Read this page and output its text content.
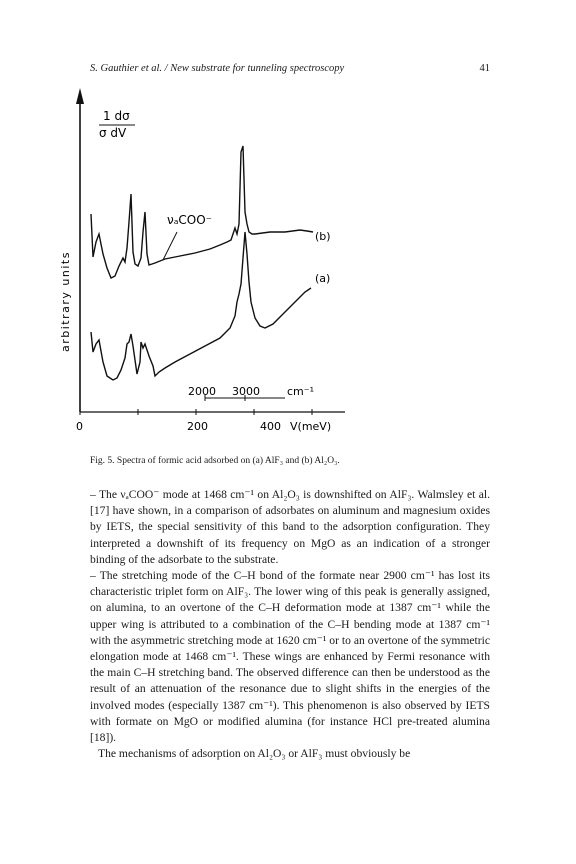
S. Gauthier et al. / New substrate for tunneling spectroscopy	41
1 dσ
σ dV
arbitrary units
νₐCOO⁻
(b)
(a)
2000 3000 cm⁻¹
0	200	400 V(meV)
Fig. 5. Spectra of formic acid adsorbed on (a) AlF₃ and (b) Al₂O₃.

– The νₐCOO⁻ mode at 1468 cm⁻¹ on Al₂O₃ is downshifted on AlF₃. Walmsley et al. [17] have shown, in a comparison of adsorbates on aluminum and magnesium oxides by IETS, the special sensitivity of this band to the adsorption configuration. They interpreted a downshift of its frequency on MgO as an indication of a stronger binding of the adsorbate to the substrate.

– The stretching mode of the C–H bond of the formate near 2900 cm⁻¹ has lost its characteristic triplet form on AlF₃. The lower wing of this peak is generally assigned, on alumina, to an overtone of the C–H deformation mode at 1387 cm⁻¹ while the upper wing is attributed to a combination of the C–H bending mode at 1387 cm⁻¹ with the asymmetric stretching mode at 1620 cm⁻¹ or to an overtone of the symmetric elongation mode at 1468 cm⁻¹. These wings are enhanced by Fermi resonance with the main C–H stretching band. The observed difference can then be understood as the result of an attenuation of the resonance due to slight shifts in the energies of the involved modes (especially 1387 cm⁻¹). This phenomenon is also observed by IETS with formate on MgO or modified alumina (for instance HCl pre-treated alumina [18]).

The mechanisms of adsorption on Al₂O₃ or AlF₃ must obviously be
